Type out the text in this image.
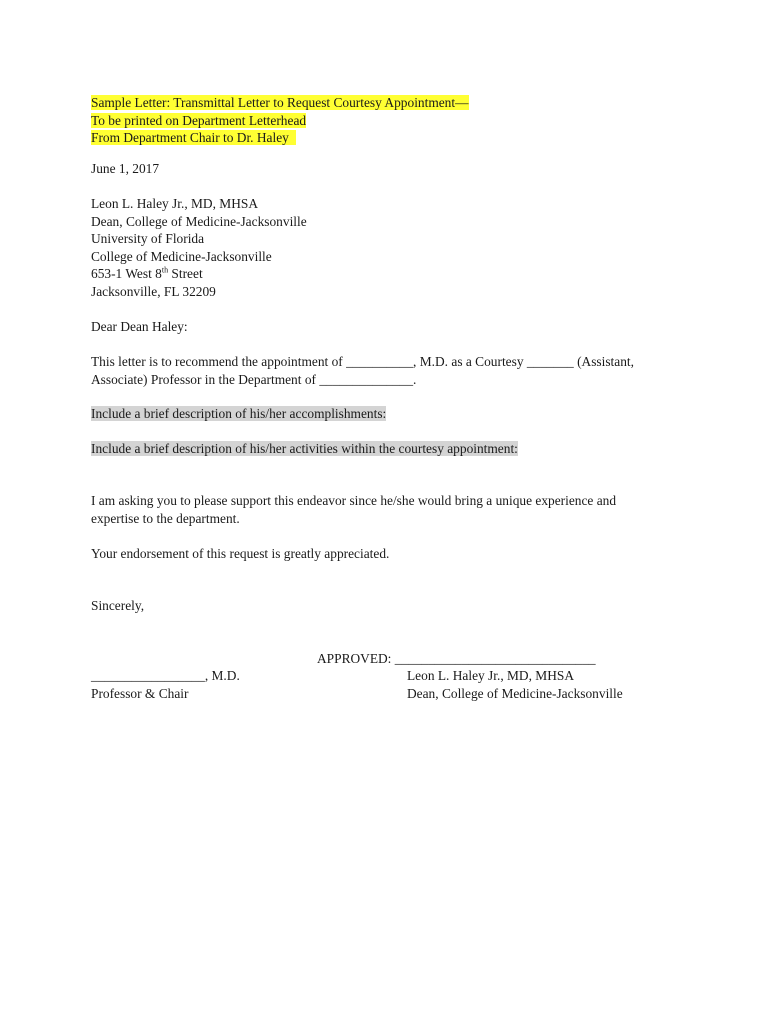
Sample Letter: Transmittal Letter to Request Courtesy Appointment—
To be printed on Department Letterhead
From Department Chair to Dr. Haley
June 1, 2017
Leon L. Haley Jr., MD, MHSA
Dean, College of Medicine-Jacksonville
University of Florida
College of Medicine-Jacksonville
653-1 West 8th Street
Jacksonville, FL 32209
Dear Dean Haley:
This letter is to recommend the appointment of __________, M.D. as a Courtesy _______ (Assistant,
Associate) Professor in the Department of ______________.
Include a brief description of his/her accomplishments:
Include a brief description of his/her activities within the courtesy appointment:
I am asking you to please support this endeavor since he/she would bring a unique experience and
expertise to the department.
Your endorsement of this request is greatly appreciated.
Sincerely,
APPROVED: ______________________________
_________________, M.D.
Professor & Chair
Leon L. Haley Jr., MD, MHSA
Dean, College of Medicine-Jacksonville
